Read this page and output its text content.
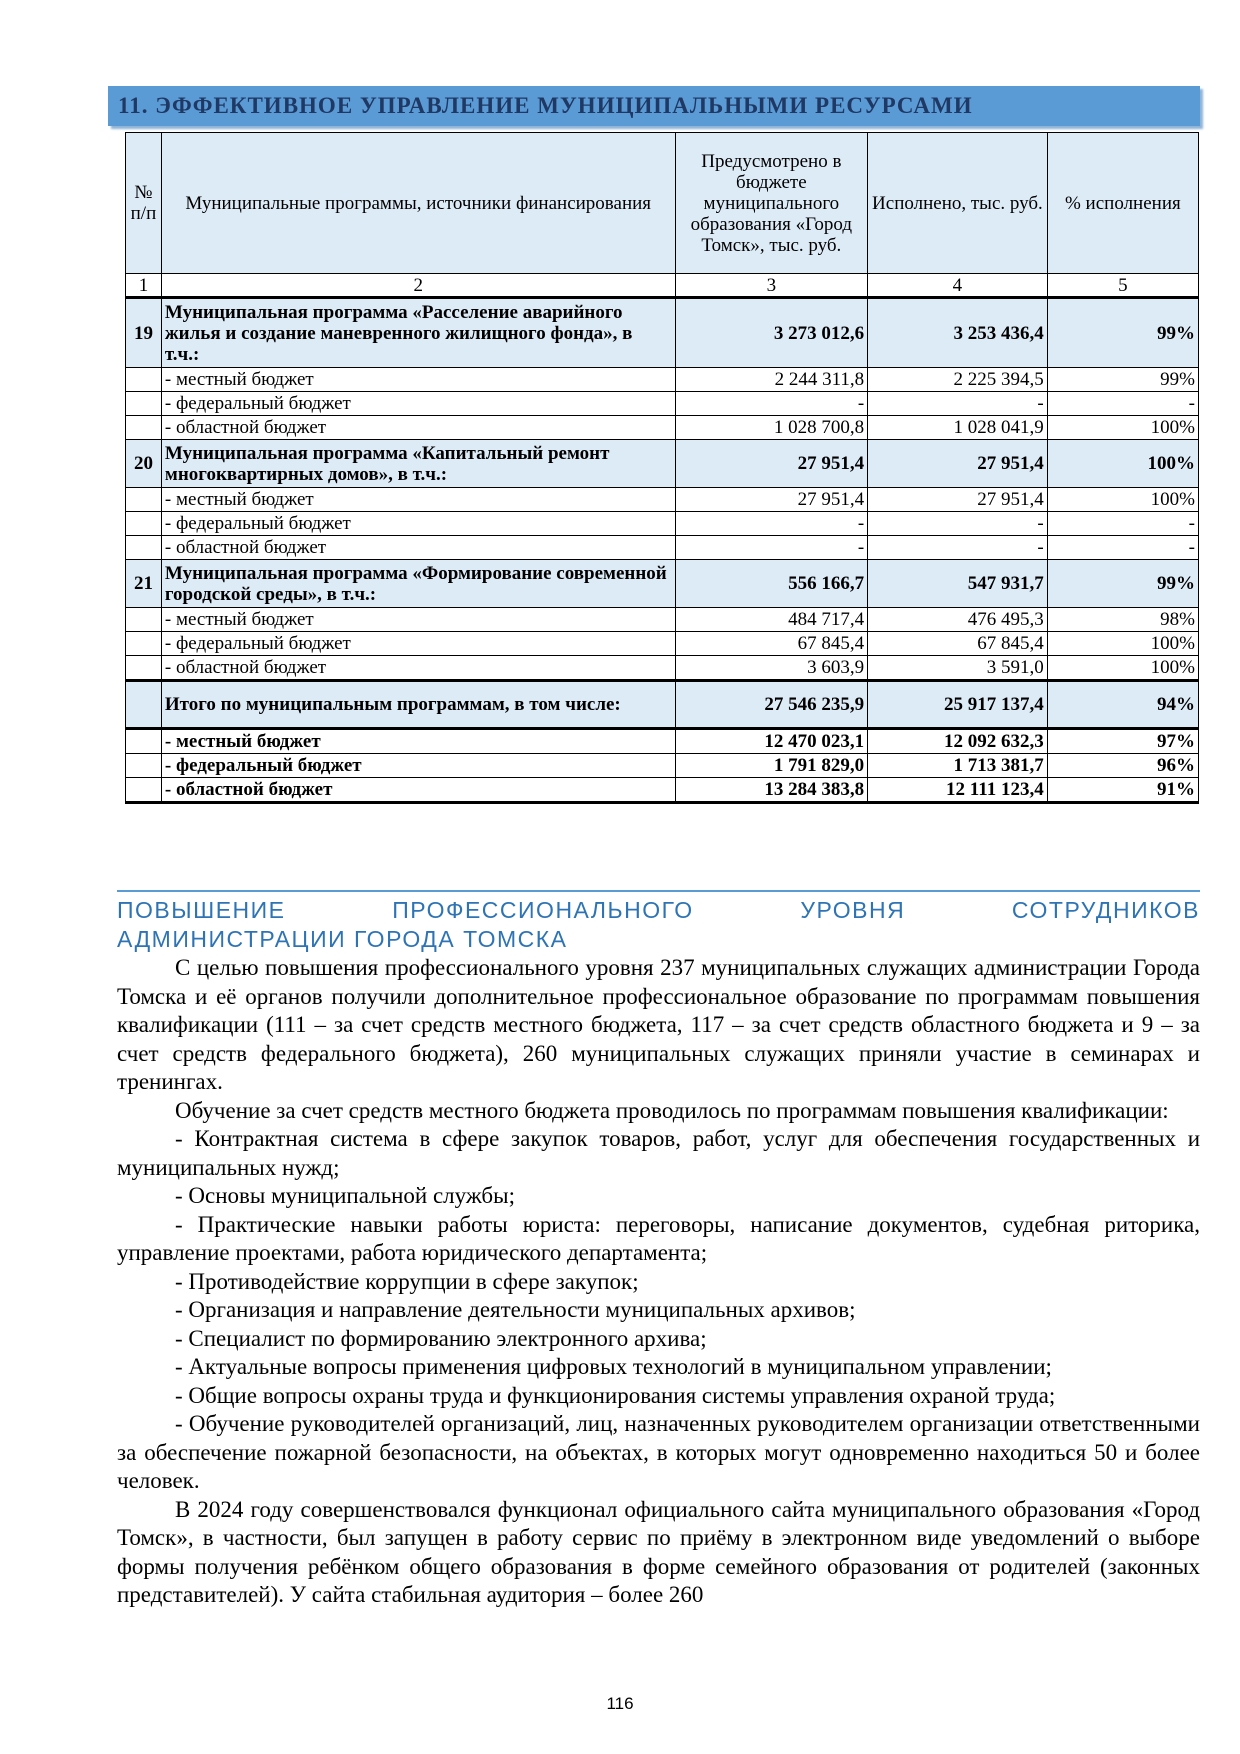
11. ЭФФЕКТИВНОЕ УПРАВЛЕНИЕ МУНИЦИПАЛЬНЫМИ РЕСУРСАМИ
№ п/п	Муниципальные программы, источники финансирования	Предусмотрено в бюджете муниципального образования «Город Томск», тыс. руб.	Исполнено, тыс. руб.	% исполнения
1	2	3	4	5
19	Муниципальная программа «Расселение аварийного жилья и создание маневренного жилищного фонда», в т.ч.:	3 273 012,6	3 253 436,4	99%
	- местный бюджет	2 244 311,8	2 225 394,5	99%
	- федеральный бюджет	-	-	-
	- областной бюджет	1 028 700,8	1 028 041,9	100%
20	Муниципальная программа «Капитальный ремонт многоквартирных домов», в т.ч.:	27 951,4	27 951,4	100%
	- местный бюджет	27 951,4	27 951,4	100%
	- федеральный бюджет	-	-	-
	- областной бюджет	-	-	-
21	Муниципальная программа «Формирование современной городской среды», в т.ч.:	556 166,7	547 931,7	99%
	- местный бюджет	484 717,4	476 495,3	98%
	- федеральный бюджет	67 845,4	67 845,4	100%
	- областной бюджет	3 603,9	3 591,0	100%
	Итого по муниципальным программам, в том числе:	27 546 235,9	25 917 137,4	94%
	- местный бюджет	12 470 023,1	12 092 632,3	97%
	- федеральный бюджет	1 791 829,0	1 713 381,7	96%
	- областной бюджет	13 284 383,8	12 111 123,4	91%
ПОВЫШЕНИЕ	ПРОФЕССИОНАЛЬНОГО	УРОВНЯ	СОТРУДНИКОВ
АДМИНИСТРАЦИИ ГОРОДА ТОМСКА

С целью повышения профессионального уровня 237 муниципальных служащих администрации Города Томска и её органов получили дополнительное профессиональное образование по программам повышения квалификации (111 – за счет средств местного бюджета, 117 – за счет средств областного бюджета и 9 – за счет средств федерального бюджета), 260 муниципальных служащих приняли участие в семинарах и тренингах.

Обучение за счет средств местного бюджета проводилось по программам повышения квалификации:

- Контрактная система в сфере закупок товаров, работ, услуг для обеспечения государственных и муниципальных нужд;

- Основы муниципальной службы;

- Практические навыки работы юриста: переговоры, написание документов, судебная риторика, управление проектами, работа юридического департамента;

- Противодействие коррупции в сфере закупок;

- Организация и направление деятельности муниципальных архивов;

- Специалист по формированию электронного архива;

- Актуальные вопросы применения цифровых технологий в муниципальном управлении;

- Общие вопросы охраны труда и функционирования системы управления охраной труда;

- Обучение руководителей организаций, лиц, назначенных руководителем организации ответственными за обеспечение пожарной безопасности, на объектах, в которых могут одновременно находиться 50 и более человек.

В 2024 году совершенствовался функционал официального сайта муниципального образования «Город Томск», в частности, был запущен в работу сервис по приёму в электронном виде уведомлений о выборе формы получения ребёнком общего образования в форме семейного образования от родителей (законных представителей). У сайта стабильная аудитория – более 260

116
